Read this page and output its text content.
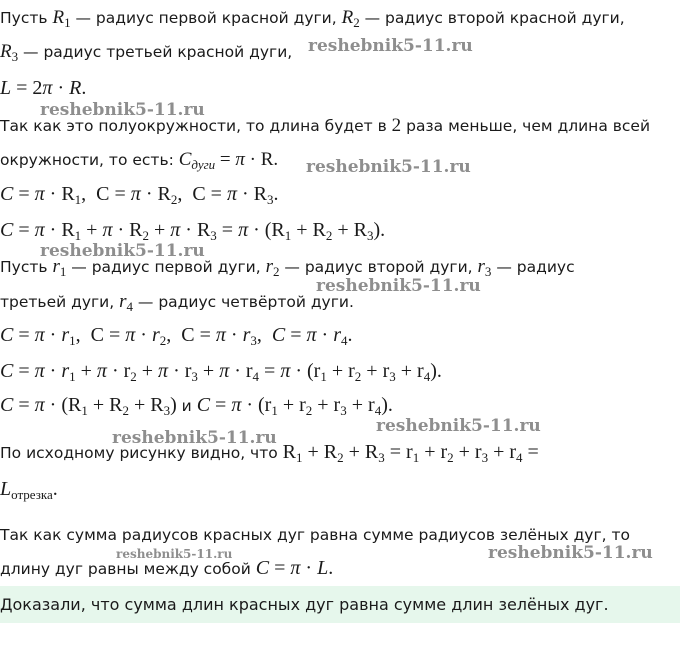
Пусть $R_1$ — радиус первой красной дуги, $R_2$ — радиус второй красной дуги,
$R_3$ — радиус третьей красной дуги,
L = 2π · R.
Так как это полуокружности, то длина будет в 2 раза меньше, чем длина всей
окружности, то есть: $C_{дуги} = \pi \cdot R$.
$C = \pi \cdot R_1$,  $C = \pi \cdot R_2$,  $C = \pi \cdot R_3$.
$C = \pi \cdot R_1 + \pi \cdot R_2 + \pi \cdot R_3 = \pi \cdot (R_1 + R_2 + R_3)$.
Пусть $r_1$ — радиус первой дуги, $r_2$ — радиус второй дуги, $r_3$ — радиус
третьей дуги, $r_4$ — радиус четвёртой дуги.
$C = \pi \cdot r_1$,  $C = \pi \cdot r_2$,  $C = \pi \cdot r_3$,  $C = \pi \cdot r_4$.
$C = \pi \cdot r_1 + \pi \cdot r_2 + \pi \cdot r_3 + \pi \cdot r_4 = \pi \cdot (r_1 + r_2 + r_3 + r_4)$.
$C = \pi \cdot (R_1 + R_2 + R_3)$ и $C = \pi \cdot (r_1 + r_2 + r_3 + r_4)$.
По исходному рисунку видно, что $R_1 + R_2 + R_3 = r_1 + r_2 + r_3 + r_4$ =
$L_{отрезка}$.
Так как сумма радиусов красных дуг равна сумме радиусов зелёных дуг, то
длину дуг равны между собой C = π · L.
Доказали, что сумма длин красных дуг равна сумме длин зелёных дуг.
reshebnik5-11.ru
reshebnik5-11.ru
reshebnik5-11.ru
reshebnik5-11.ru
reshebnik5-11.ru
reshebnik5-11.ru
reshebnik5-11.ru
reshebnik5-11.ru	reshebnik5-11.ru
